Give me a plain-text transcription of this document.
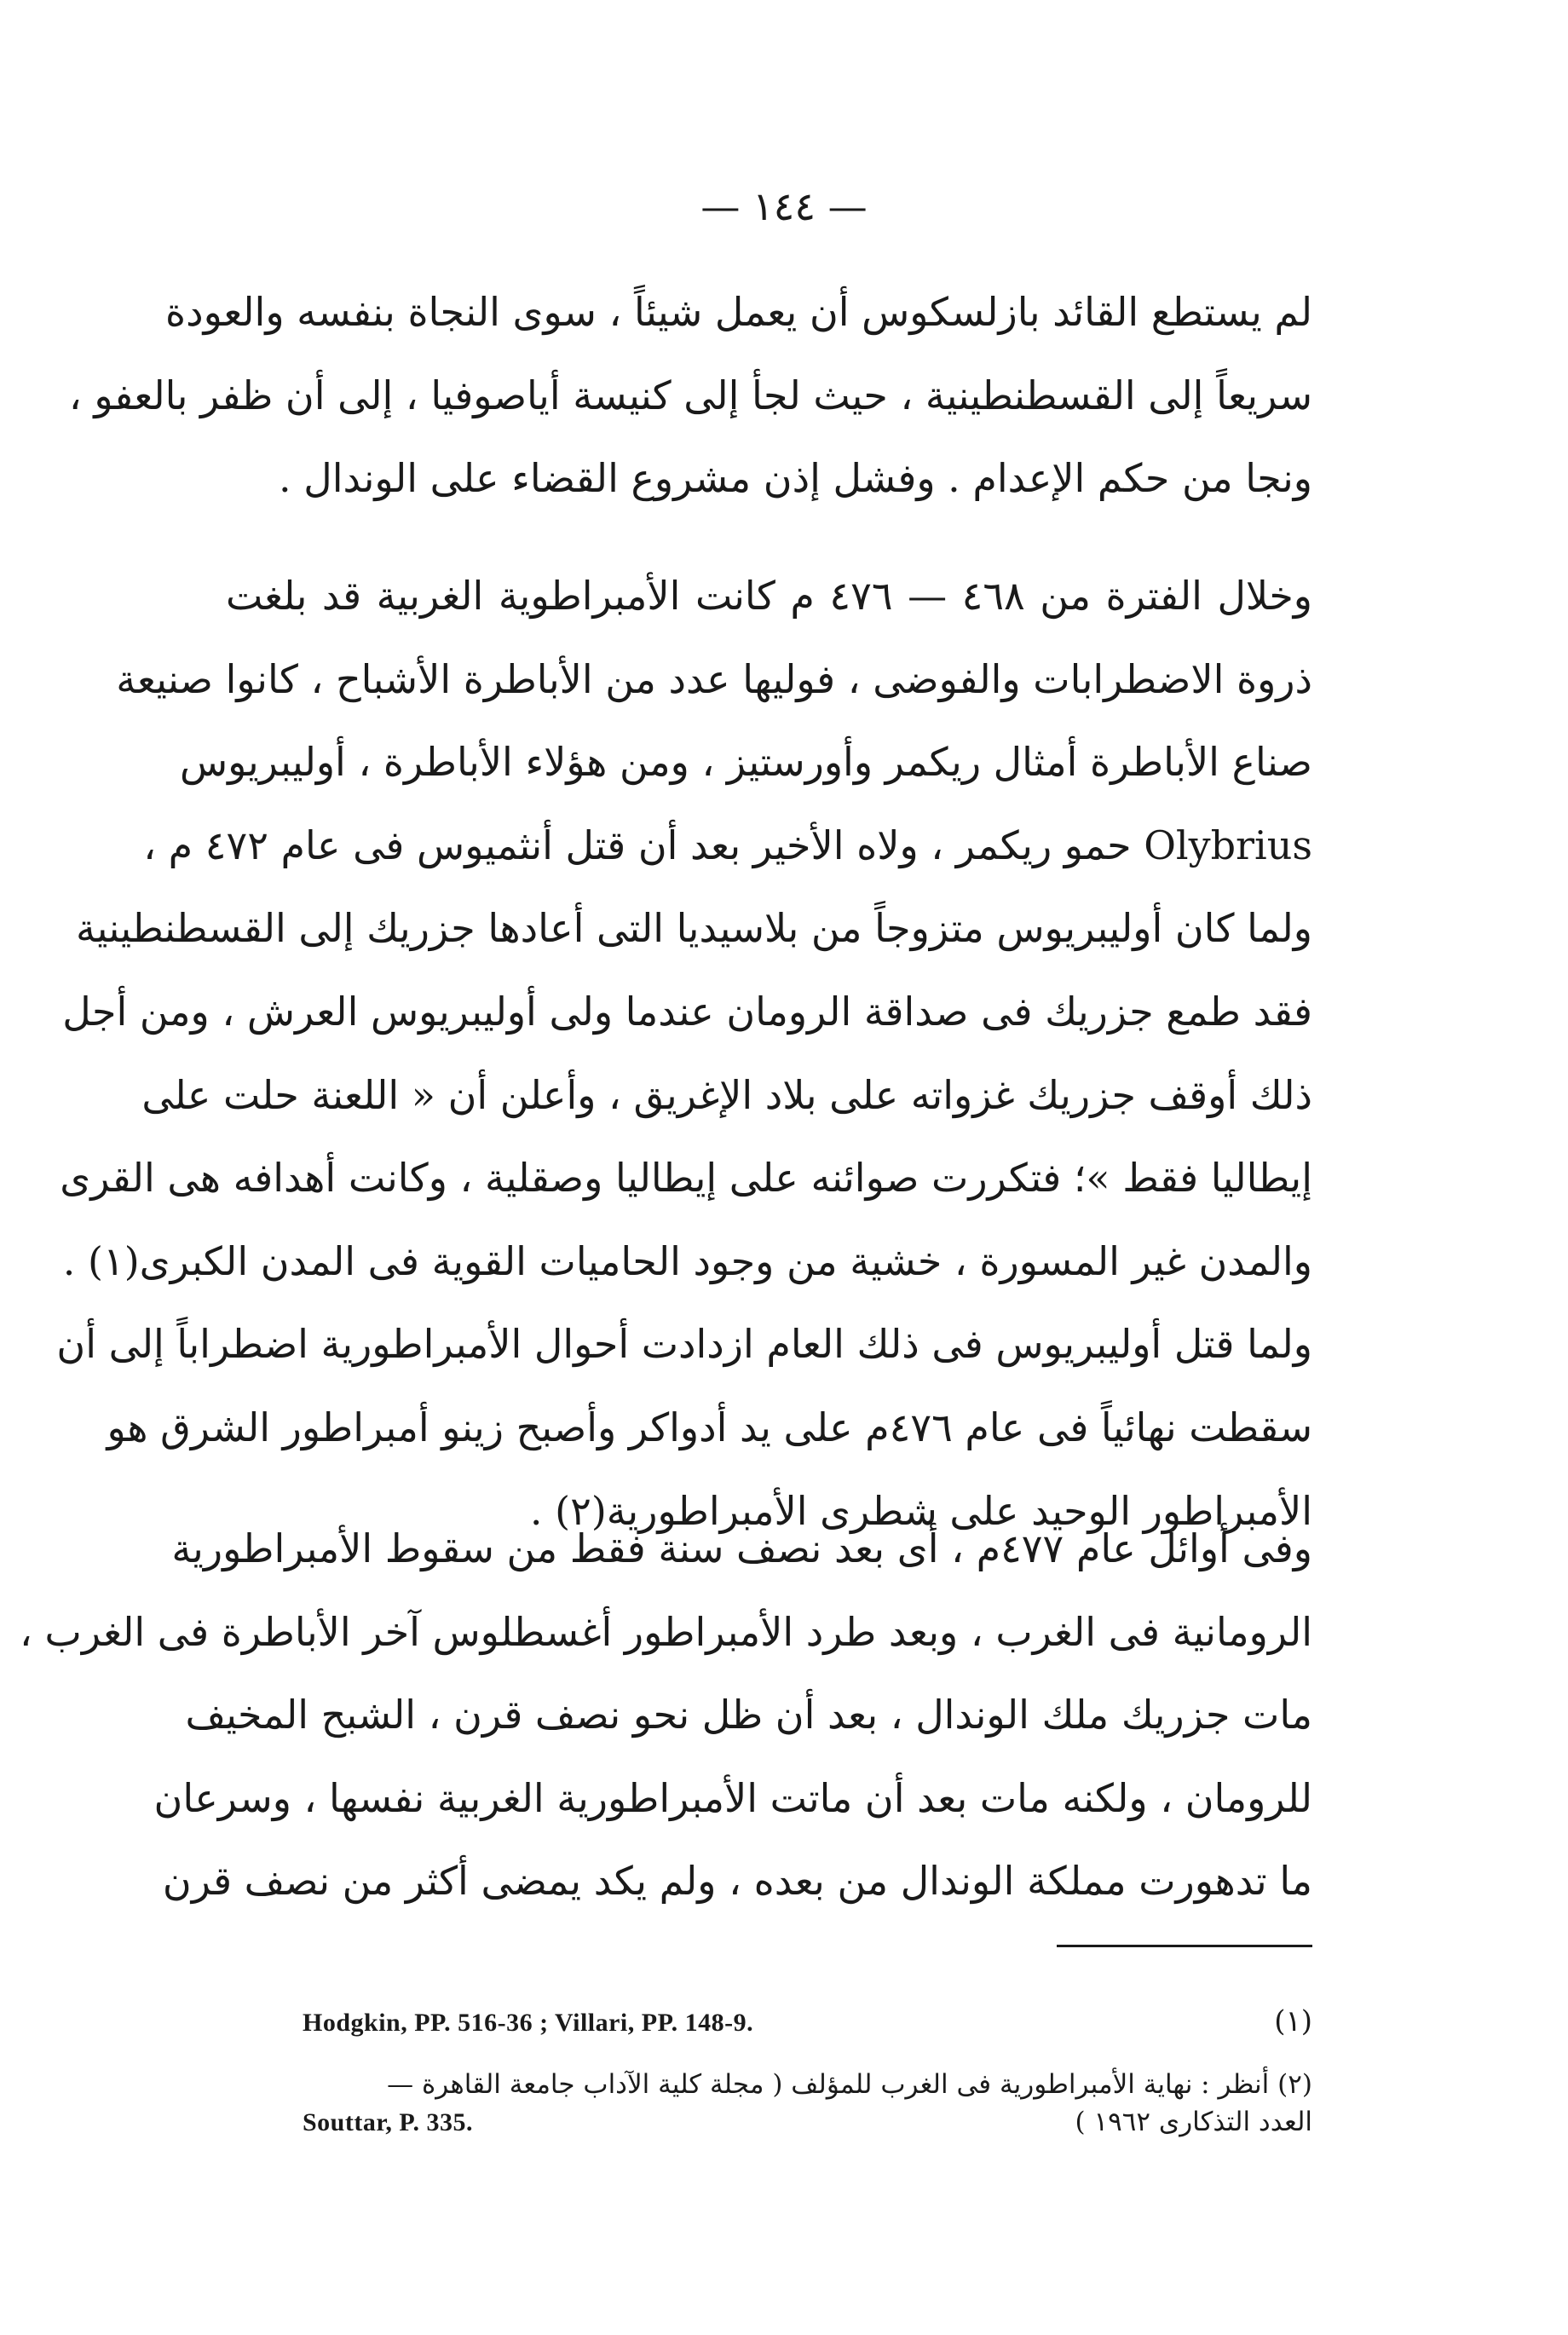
— ١٤٤ —
لم يستطع القائد بازلسكوس أن يعمل شيئاً ، سوى النجاة بنفسه والعودة
سريعاً إلى القسطنطينية ، حيث لجأ إلى كنيسة أياصوفيا ، إلى أن ظفر بالعفو ،
ونجا من حكم الإعدام . وفشل إذن مشروع القضاء على الوندال .
وخلال الفترة من ٤٦٨ — ٤٧٦ م كانت الأمبراطوية الغربية قد بلغت
ذروة الاضطرابات والفوضى ، فوليها عدد من الأباطرة الأشباح ، كانوا صنيعة
صناع الأباطرة أمثال ريكمر وأورستيز ، ومن هؤلاء الأباطرة ، أوليبريوس
Olybrius حمو ريكمر ، ولاه الأخير بعد أن قتل أنثميوس فى عام ٤٧٢ م ،
ولما كان أوليبريوس متزوجاً من بلاسيديا التى أعادها جزريك إلى القسطنطينية
فقد طمع جزريك فى صداقة الرومان عندما ولى أوليبريوس العرش ، ومن أجل
ذلك أوقف جزريك غزواته على بلاد الإغريق ، وأعلن أن « اللعنة حلت على
إيطاليا فقط »؛ فتكررت صوائنه على إيطاليا وصقلية ، وكانت أهدافه هى القرى
والمدن غير المسورة ، خشية من وجود الحاميات القوية فى المدن الكبرى(١) .
ولما قتل أوليبريوس فى ذلك العام ازدادت أحوال الأمبراطورية اضطراباً إلى أن
سقطت نهائياً فى عام ٤٧٦م على يد أدواكر وأصبح زينو أمبراطور الشرق هو
الأمبراطور الوحيد على شطرى الأمبراطورية(٢) .
وفى أوائل عام ٤٧٧م ، أى بعد نصف سنة فقط من سقوط الأمبراطورية
الرومانية فى الغرب ، وبعد طرد الأمبراطور أغسطلوس آخر الأباطرة فى الغرب ،
مات جزريك ملك الوندال ، بعد أن ظل نحو نصف قرن ، الشبح المخيف
للرومان ، ولكنه مات بعد أن ماتت الأمبراطورية الغربية نفسها ، وسرعان
ما تدهورت مملكة الوندال من بعده ، ولم يكد يمضى أكثر من نصف قرن
Hodgkin, PP. 516-36 ; Villari, PP. 148-9.	(١)
(٢) أنظر : نهاية الأمبراطورية فى الغرب للمؤلف ( مجلة كلية الآداب جامعة القاهرة —
Souttar, P. 335.	العدد التذكارى ١٩٦٢ )
